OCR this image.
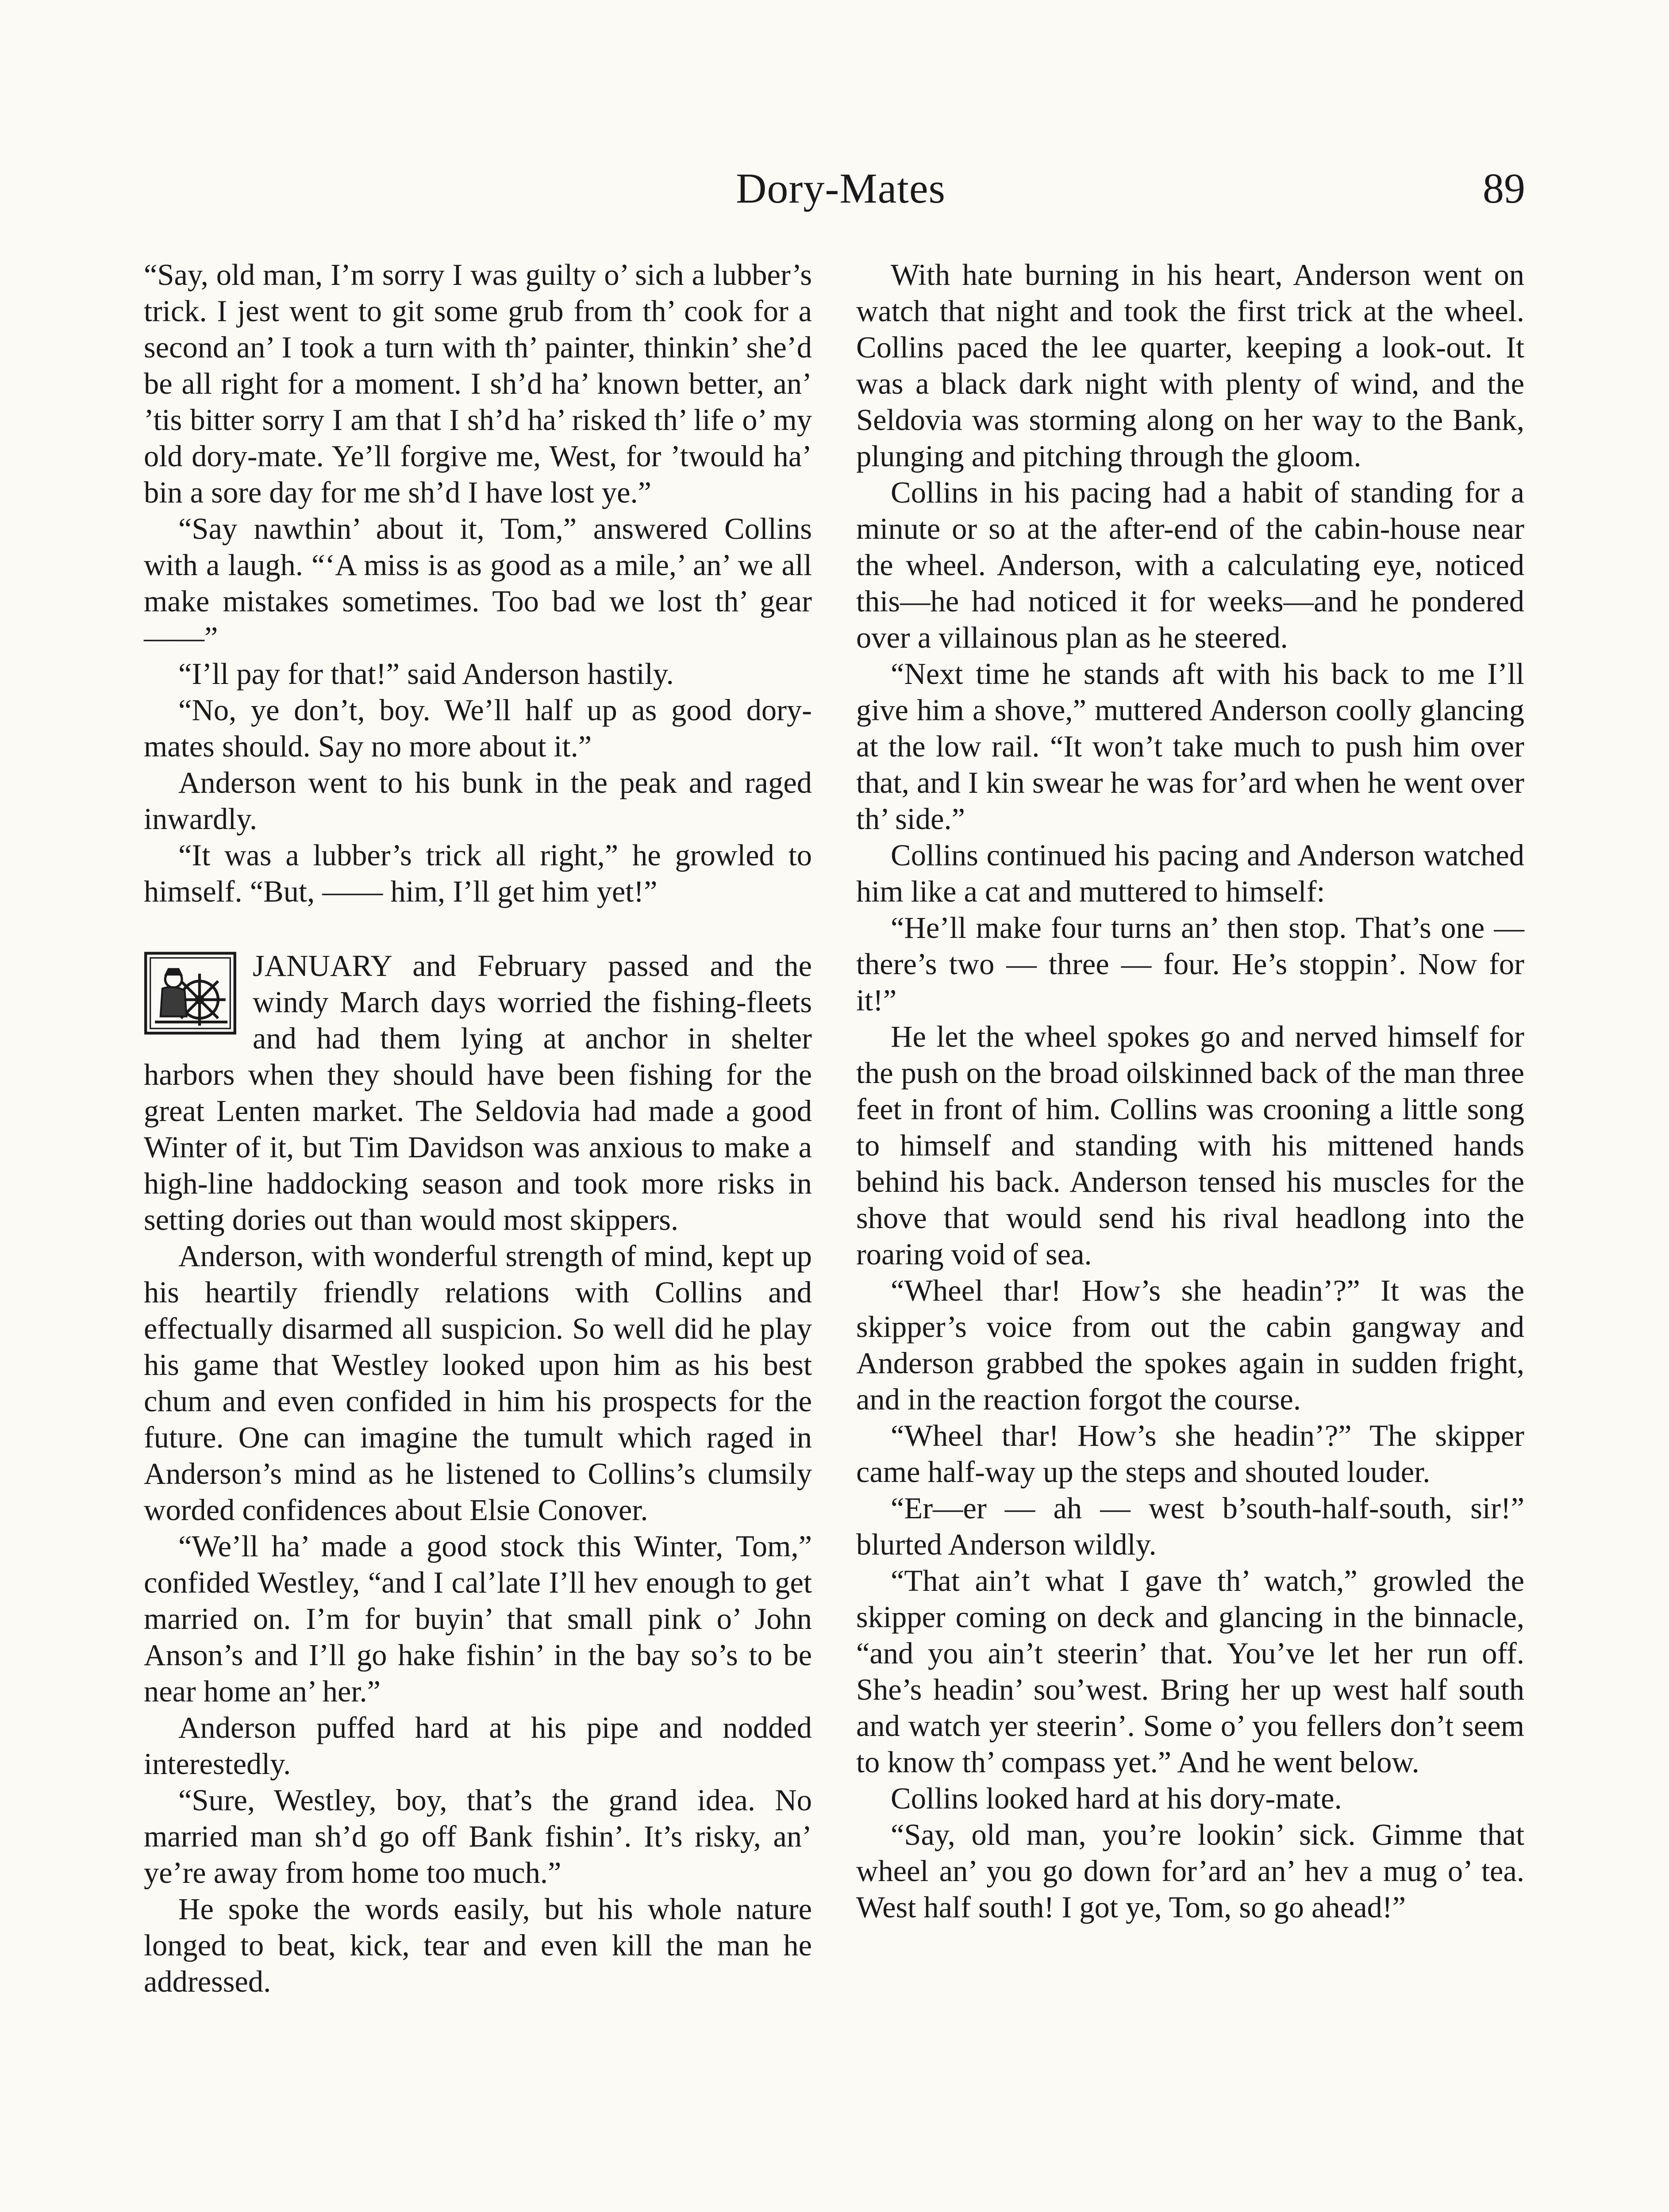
Dory-Mates	89

“Say, old man, I’m sorry I was guilty o’ sich a lubber’s trick. I jest went to git some grub from th’ cook for a second an’ I took a turn with th’ painter, thinkin’ she’d be all right for a moment. I sh’d ha’ known better, an’ ’tis bitter sorry I am that I sh’d ha’ risked th’ life o’ my old dory-mate. Ye’ll forgive me, West, for ’twould ha’ bin a sore day for me sh’d I have lost ye.”

“Say nawthin’ about it, Tom,” answered Collins with a laugh. “‘A miss is as good as a mile,’ an’ we all make mistakes sometimes. Too bad we lost th’ gear——”

“I’ll pay for that!” said Anderson hastily.

“No, ye don’t, boy. We’ll half up as good dory-mates should. Say no more about it.”

Anderson went to his bunk in the peak and raged inwardly.

“It was a lubber’s trick all right,” he growled to himself. “But, —— him, I’ll get him yet!”

JANUARY and February passed and the windy March days worried the fishing-fleets and had them lying at anchor in shelter harbors when they should have been fishing for the great Lenten market. The Seldovia had made a good Winter of it, but Tim Davidson was anxious to make a high-line haddocking season and took more risks in setting dories out than would most skippers.

Anderson, with wonderful strength of mind, kept up his heartily friendly relations with Collins and effectually disarmed all suspicion. So well did he play his game that Westley looked upon him as his best chum and even confided in him his prospects for the future. One can imagine the tumult which raged in Anderson’s mind as he listened to Collins’s clumsily worded confidences about Elsie Conover.

“We’ll ha’ made a good stock this Winter, Tom,” confided Westley, “and I cal’late I’ll hev enough to get married on. I’m for buyin’ that small pink o’ John Anson’s and I’ll go hake fishin’ in the bay so’s to be near home an’ her.”

Anderson puffed hard at his pipe and nodded interestedly.

“Sure, Westley, boy, that’s the grand idea. No married man sh’d go off Bank fishin’. It’s risky, an’ ye’re away from home too much.”

He spoke the words easily, but his whole nature longed to beat, kick, tear and even kill the man he addressed.

With hate burning in his heart, Anderson went on watch that night and took the first trick at the wheel. Collins paced the lee quarter, keeping a look-out. It was a black dark night with plenty of wind, and the Seldovia was storming along on her way to the Bank, plunging and pitching through the gloom.

Collins in his pacing had a habit of standing for a minute or so at the after-end of the cabin-house near the wheel. Anderson, with a calculating eye, noticed this—he had noticed it for weeks—and he pondered over a villainous plan as he steered.

“Next time he stands aft with his back to me I’ll give him a shove,” muttered Anderson coolly glancing at the low rail. “It won’t take much to push him over that, and I kin swear he was for’ard when he went over th’ side.”

Collins continued his pacing and Anderson watched him like a cat and muttered to himself:

“He’ll make four turns an’ then stop. That’s one — there’s two — three — four. He’s stoppin’. Now for it!”

He let the wheel spokes go and nerved himself for the push on the broad oilskinned back of the man three feet in front of him. Collins was crooning a little song to himself and standing with his mittened hands behind his back. Anderson tensed his muscles for the shove that would send his rival headlong into the roaring void of sea.

“Wheel thar! How’s she headin’?” It was the skipper’s voice from out the cabin gangway and Anderson grabbed the spokes again in sudden fright, and in the reaction forgot the course.

“Wheel thar! How’s she headin’?” The skipper came half-way up the steps and shouted louder.

“Er—er — ah — west b’south-half-south, sir!” blurted Anderson wildly.

“That ain’t what I gave th’ watch,” growled the skipper coming on deck and glancing in the binnacle, “and you ain’t steerin’ that. You’ve let her run off. She’s headin’ sou’west. Bring her up west half south and watch yer steerin’. Some o’ you fellers don’t seem to know th’ compass yet.” And he went below.

Collins looked hard at his dory-mate.

“Say, old man, you’re lookin’ sick. Gimme that wheel an’ you go down for’ard an’ hev a mug o’ tea. West half south! I got ye, Tom, so go ahead!”
